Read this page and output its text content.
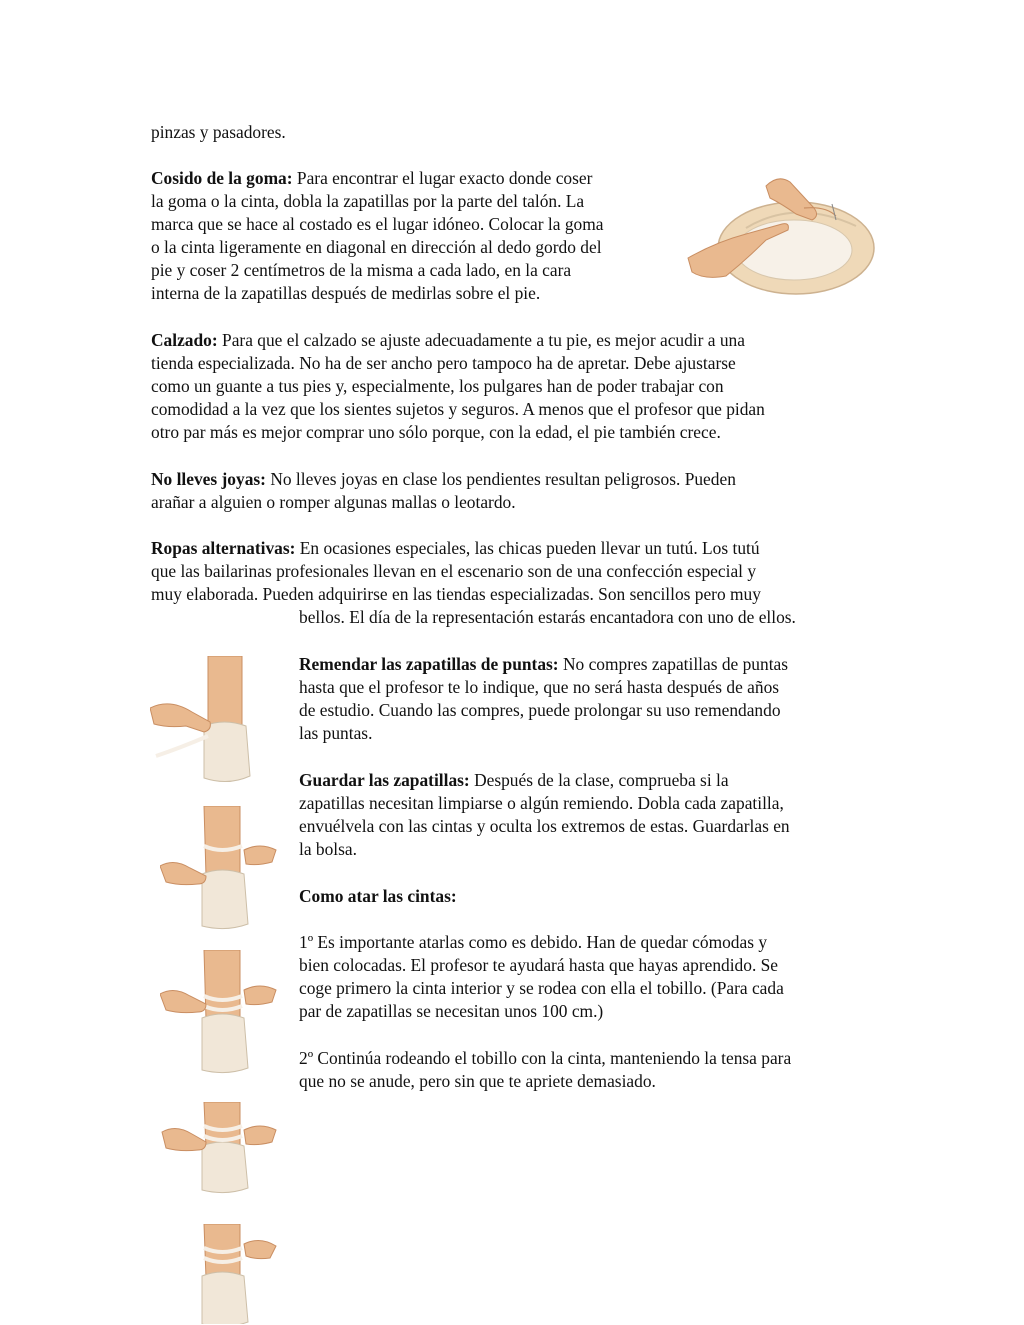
pinzas y pasadores.

Cosido de la goma: Para encontrar el lugar exacto donde coser
la goma o la cinta, dobla la zapatillas por la parte del talón. La
marca que se hace al costado es el lugar idóneo. Colocar la goma
o la cinta ligeramente en diagonal en dirección al dedo gordo del
pie y coser 2 centímetros de la misma a cada lado, en la cara
interna de la zapatillas después de medirlas sobre el pie.

Calzado: Para que el calzado se ajuste adecuadamente a tu pie, es mejor acudir a una
tienda especializada. No ha de ser ancho pero tampoco ha de apretar. Debe ajustarse
como un guante a tus pies y, especialmente, los pulgares han de poder trabajar con
comodidad a la vez que los sientes sujetos y seguros. A menos que el profesor que pidan
otro par más es mejor comprar uno sólo porque, con la edad, el pie también crece.

No lleves joyas: No lleves joyas en clase los pendientes resultan peligrosos. Pueden
arañar a alguien o romper algunas mallas o leotardo.

Ropas alternativas: En ocasiones especiales, las chicas pueden llevar un tutú. Los tutú
que las bailarinas profesionales llevan en el escenario son de una confección especial y
muy elaborada. Pueden adquirirse en las tiendas especializadas. Son sencillos pero muy
bellos. El día de la representación estarás encantadora con uno de ellos.

Remendar las zapatillas de puntas: No compres zapatillas de puntas
hasta que el profesor te lo indique, que no será hasta después de años
de estudio. Cuando las compres, puede prolongar su uso remendando
las puntas.

Guardar las zapatillas: Después de la clase, comprueba si la
zapatillas necesitan limpiarse o algún remiendo. Dobla cada zapatilla,
envuélvela con las cintas y oculta los extremos de estas. Guardarlas en
la bolsa.

Como atar las cintas:

1º Es importante atarlas como es debido. Han de quedar cómodas y
bien colocadas. El profesor te ayudará hasta que hayas aprendido. Se
coge primero la cinta interior y se rodea con ella el tobillo. (Para cada
par de zapatillas se necesitan unos 100 cm.)

2º Continúa rodeando el tobillo con la cinta, manteniendo la tensa para
que no se anude, pero sin que te apriete demasiado.
